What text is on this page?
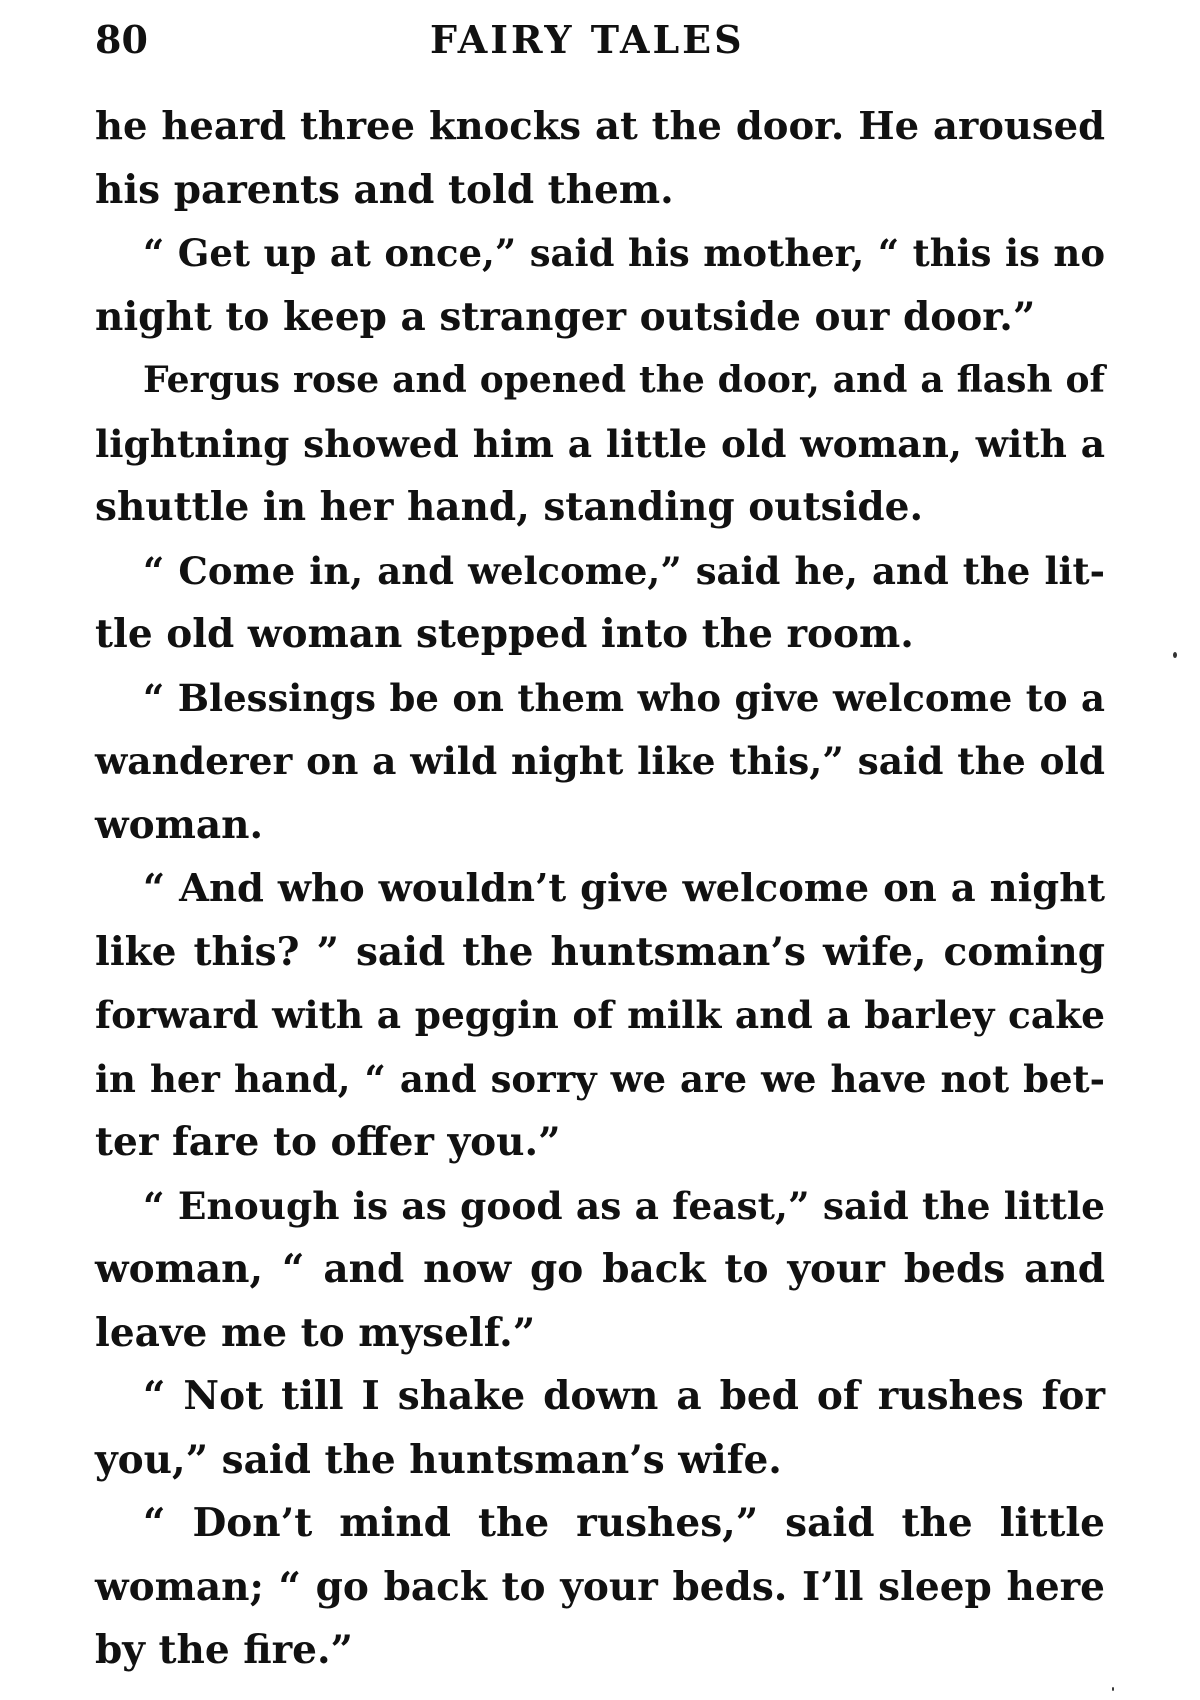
80	FAIRY TALES
he heard three knocks at the door. He aroused
his parents and told them.
“ Get up at once,” said his mother, “ this is no
night to keep a stranger outside our door.”
Fergus rose and opened the door, and a flash of
lightning showed him a little old woman, with a
shuttle in her hand, standing outside.
“ Come in, and welcome,” said he, and the lit-
tle old woman stepped into the room.
“ Blessings be on them who give welcome to a
wanderer on a wild night like this,” said the old
woman.
“ And who wouldn’t give welcome on a night
like this? ” said the huntsman’s wife, coming
forward with a peggin of milk and a barley cake
in her hand, “ and sorry we are we have not bet-
ter fare to offer you.”
“ Enough is as good as a feast,” said the little
woman, “ and now go back to your beds and
leave me to myself.”
“ Not till I shake down a bed of rushes for
you,” said the huntsman’s wife.
“ Don’t mind the rushes,” said the little
woman; “ go back to your beds. I’ll sleep here
by the fire.”
